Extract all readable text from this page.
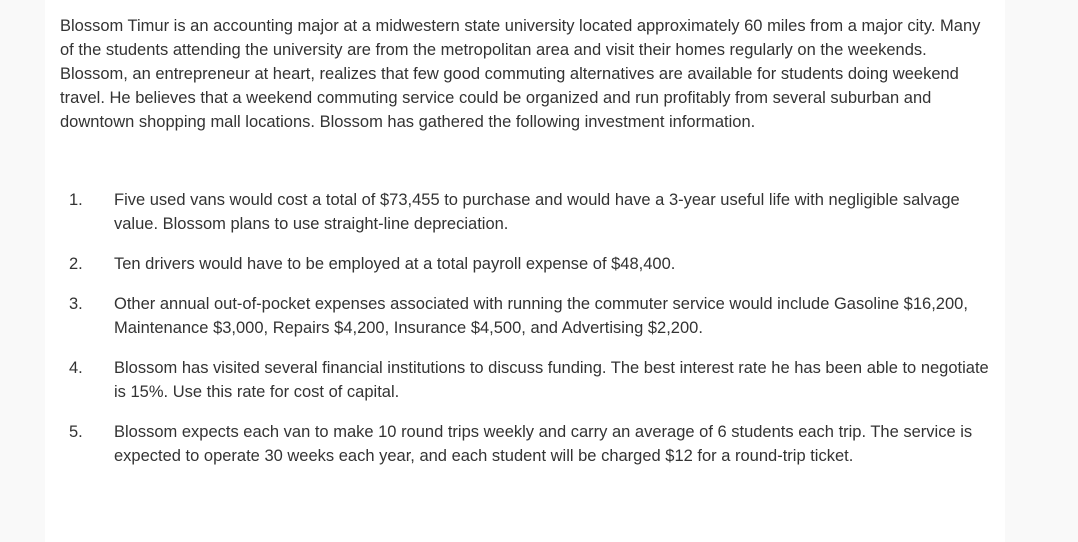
Blossom Timur is an accounting major at a midwestern state university located approximately 60 miles from a major city. Many of the students attending the university are from the metropolitan area and visit their homes regularly on the weekends. Blossom, an entrepreneur at heart, realizes that few good commuting alternatives are available for students doing weekend travel. He believes that a weekend commuting service could be organized and run profitably from several suburban and downtown shopping mall locations. Blossom has gathered the following investment information.

1. Five used vans would cost a total of $73,455 to purchase and would have a 3-year useful life with negligible salvage value. Blossom plans to use straight-line depreciation.
2. Ten drivers would have to be employed at a total payroll expense of $48,400.
3. Other annual out-of-pocket expenses associated with running the commuter service would include Gasoline $16,200, Maintenance $3,000, Repairs $4,200, Insurance $4,500, and Advertising $2,200.
4. Blossom has visited several financial institutions to discuss funding. The best interest rate he has been able to negotiate is 15%. Use this rate for cost of capital.
5. Blossom expects each van to make 10 round trips weekly and carry an average of 6 students each trip. The service is expected to operate 30 weeks each year, and each student will be charged $12 for a round-trip ticket.
